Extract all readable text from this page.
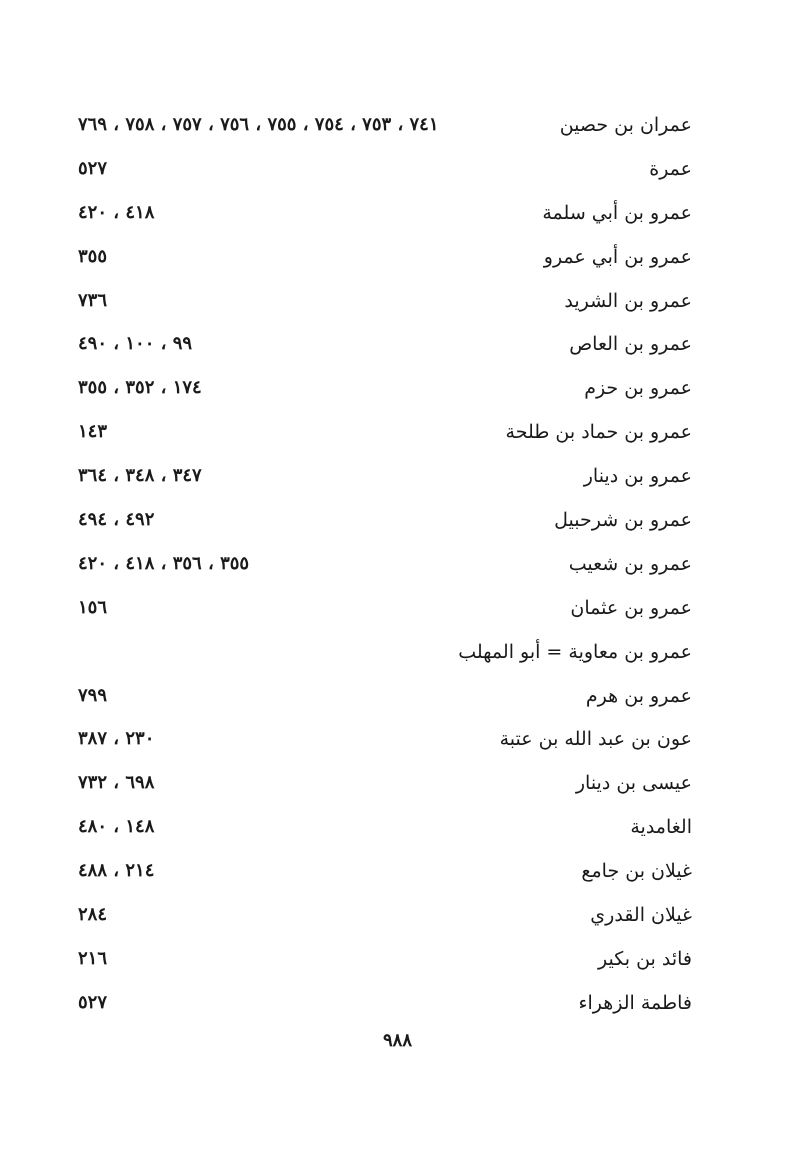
عمران بن حصين
٧٤١ ، ٧٥٣ ، ٧٥٤ ، ٧٥٥ ، ٧٥٦ ، ٧٥٧ ، ٧٥٨ ، ٧٦٩
عمرة
٥٢٧
عمرو بن أبي سلمة
٤١٨ ، ٤٢٠
عمرو بن أبي عمرو
٣٥٥
عمرو بن الشريد
٧٣٦
عمرو بن العاص
٩٩ ، ١٠٠ ، ٤٩٠
عمرو بن حزم
١٧٤ ، ٣٥٢ ، ٣٥٥
عمرو بن حماد بن طلحة
١٤٣
عمرو بن دينار
٣٤٧ ، ٣٤٨ ، ٣٦٤
عمرو بن شرحبيل
٤٩٢ ، ٤٩٤
عمرو بن شعيب
٣٥٥ ، ٣٥٦ ، ٤١٨ ، ٤٢٠
عمرو بن عثمان
١٥٦
عمرو بن معاوية = أبو المهلب
عمرو بن هرم
٧٩٩
عون بن عبد الله بن عتبة
٢٣٠ ، ٣٨٧
عيسى بن دينار
٦٩٨ ، ٧٣٢
الغامدية
١٤٨ ، ٤٨٠
غيلان بن جامع
٢١٤ ، ٤٨٨
غيلان القدري
٢٨٤
فائد بن بكير
٢١٦
فاطمة الزهراء
٥٢٧
٩٨٨
